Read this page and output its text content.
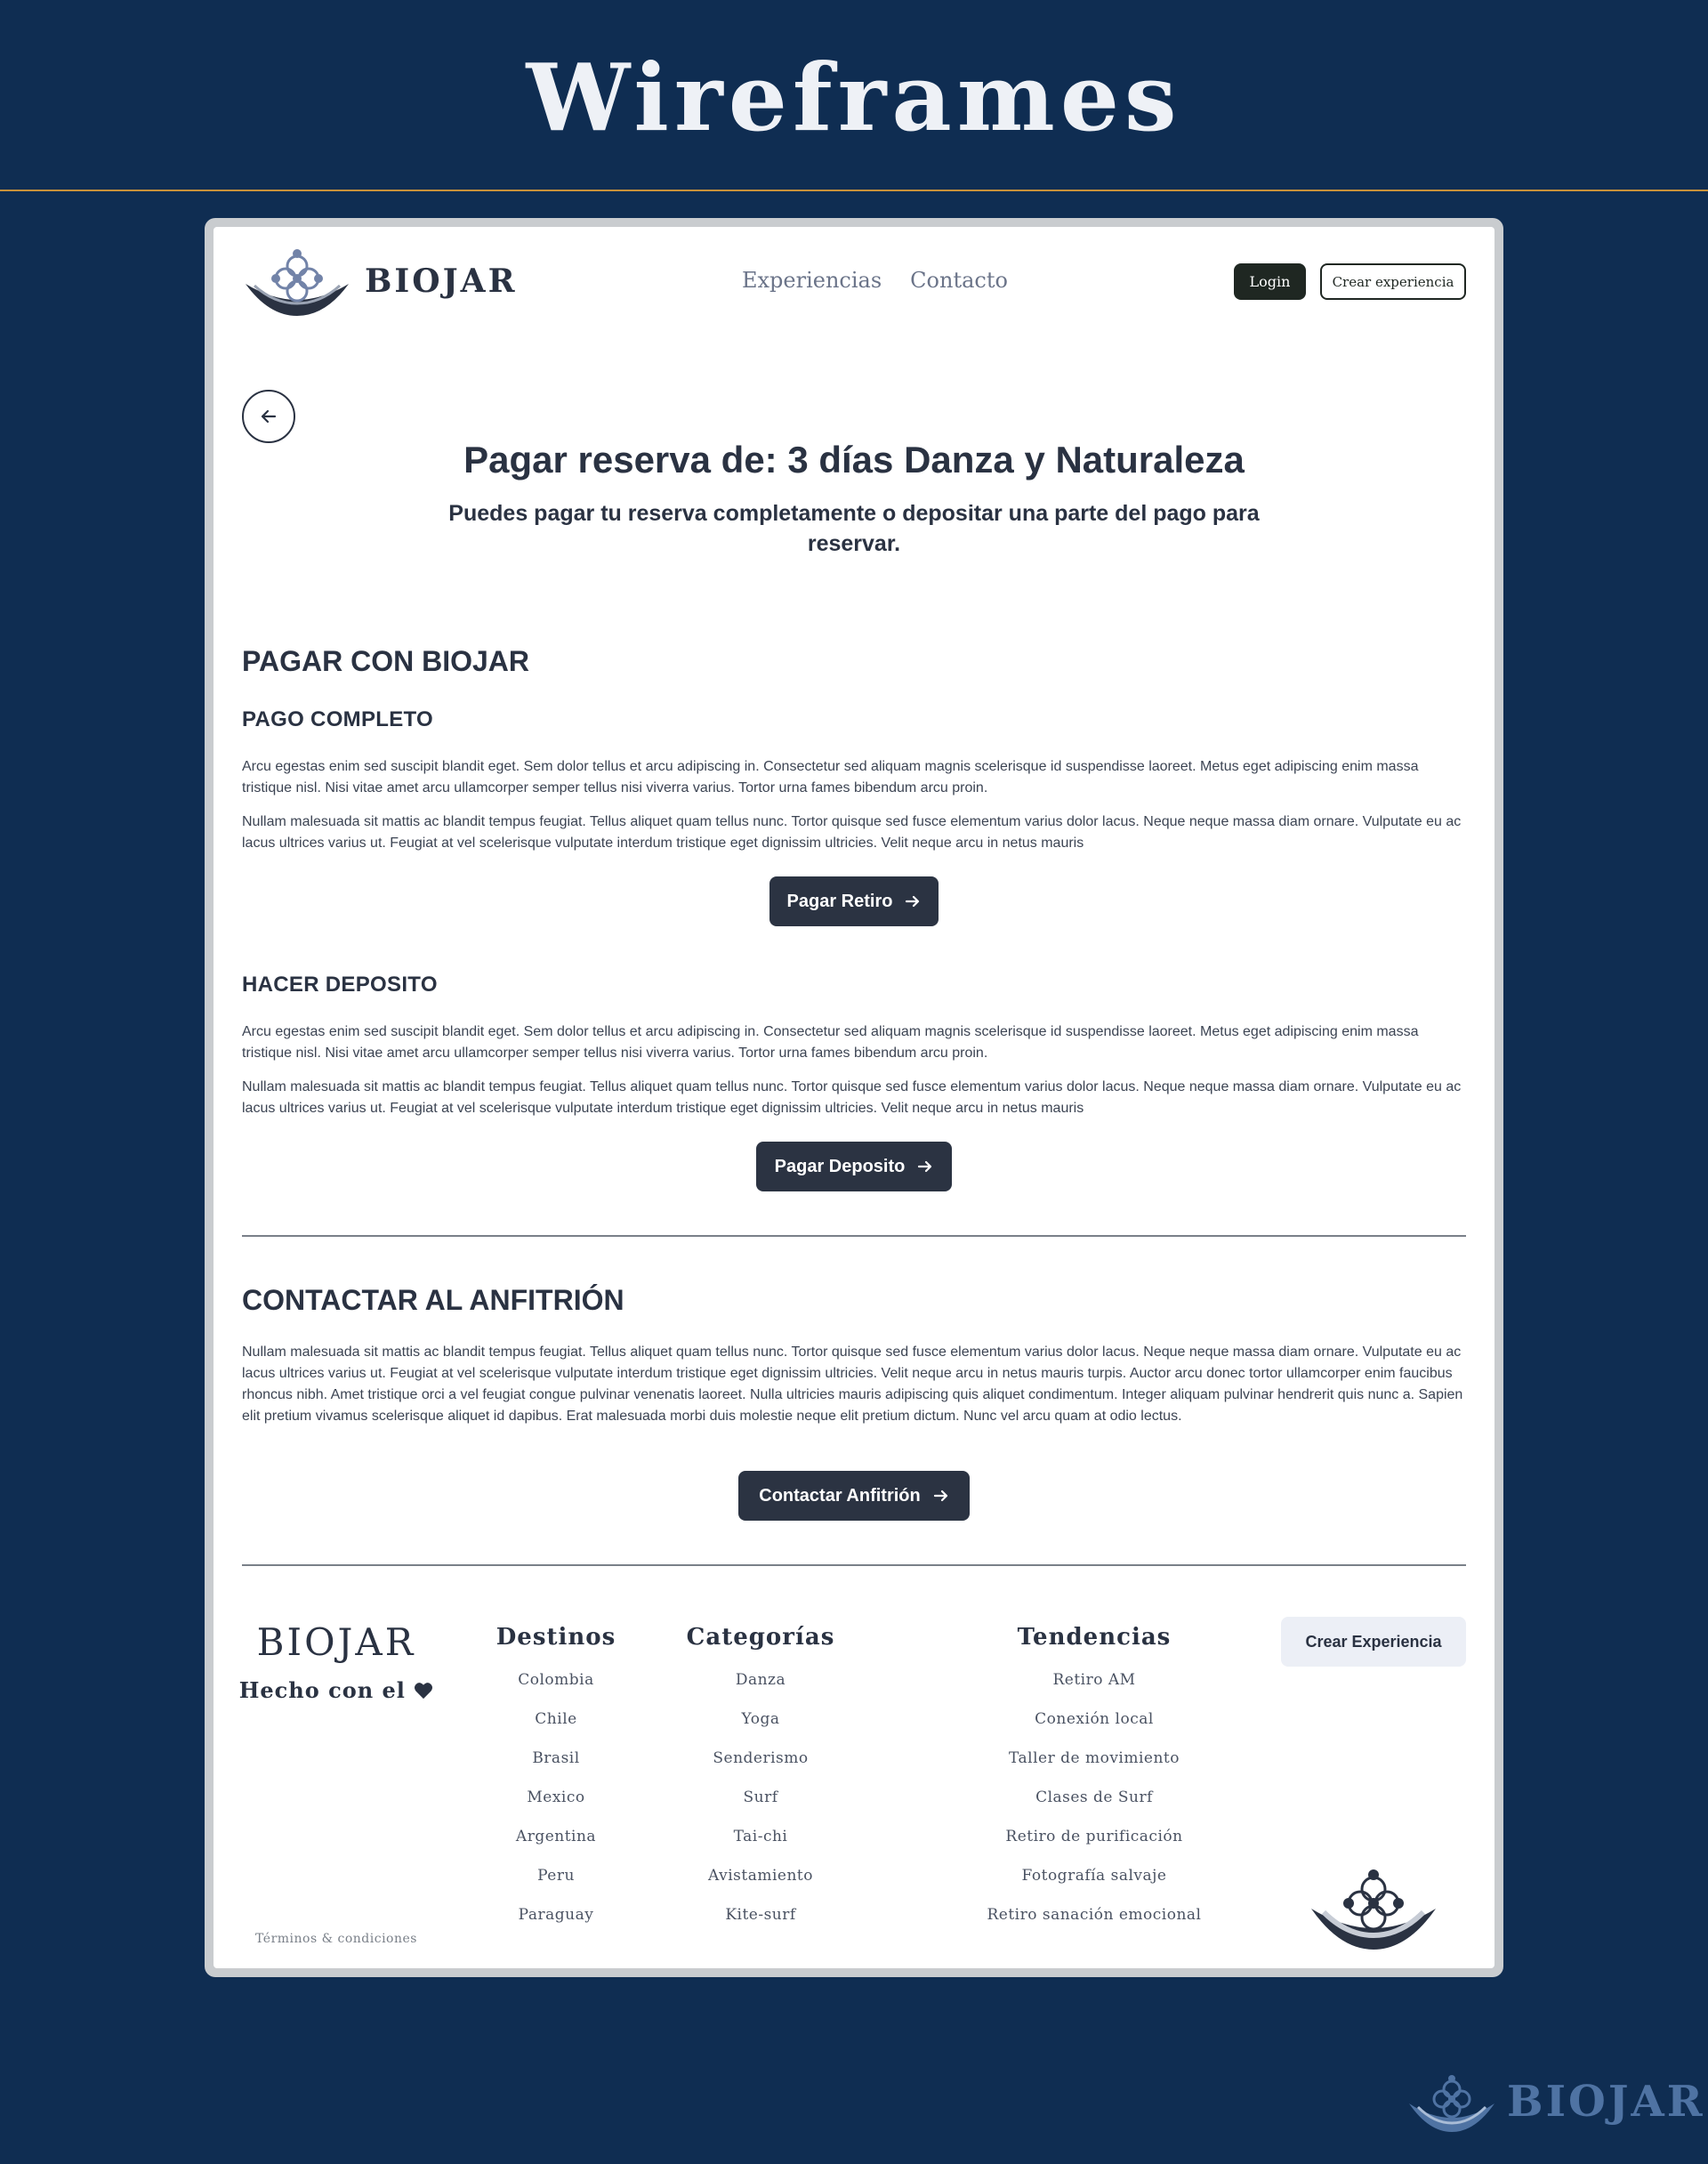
Wireframes
BIOJAR	Experiencias Contacto	Login	Crear experiencia
Pagar reserva de: 3 días Danza y Naturaleza

Puedes pagar tu reserva completamente o depositar una parte del pago para reservar.

PAGAR CON BIOJAR
PAGO COMPLETO

Arcu egestas enim sed suscipit blandit eget. Sem dolor tellus et arcu adipiscing in. Consectetur sed aliquam magnis scelerisque id suspendisse laoreet. Metus eget adipiscing enim massa tristique nisl. Nisi vitae amet arcu ullamcorper semper tellus nisi viverra varius. Tortor urna fames bibendum arcu proin.

Nullam malesuada sit mattis ac blandit tempus feugiat. Tellus aliquet quam tellus nunc. Tortor quisque sed fusce elementum varius dolor lacus. Neque neque massa diam ornare. Vulputate eu ac lacus ultrices varius ut. Feugiat at vel scelerisque vulputate interdum tristique eget dignissim ultricies. Velit neque arcu in netus mauris

Pagar Retiro
HACER DEPOSITO

Arcu egestas enim sed suscipit blandit eget. Sem dolor tellus et arcu adipiscing in. Consectetur sed aliquam magnis scelerisque id suspendisse laoreet. Metus eget adipiscing enim massa tristique nisl. Nisi vitae amet arcu ullamcorper semper tellus nisi viverra varius. Tortor urna fames bibendum arcu proin.

Nullam malesuada sit mattis ac blandit tempus feugiat. Tellus aliquet quam tellus nunc. Tortor quisque sed fusce elementum varius dolor lacus. Neque neque massa diam ornare. Vulputate eu ac lacus ultrices varius ut. Feugiat at vel scelerisque vulputate interdum tristique eget dignissim ultricies. Velit neque arcu in netus mauris

Pagar Deposito
CONTACTAR AL ANFITRIÓN

Nullam malesuada sit mattis ac blandit tempus feugiat. Tellus aliquet quam tellus nunc. Tortor quisque sed fusce elementum varius dolor lacus. Neque neque massa diam ornare. Vulputate eu ac lacus ultrices varius ut. Feugiat at vel scelerisque vulputate interdum tristique eget dignissim ultricies. Velit neque arcu in netus mauris turpis. Auctor arcu donec tortor ullamcorper enim faucibus rhoncus nibh. Amet tristique orci a vel feugiat congue pulvinar venenatis laoreet. Nulla ultricies mauris adipiscing quis aliquet condimentum. Integer aliquam pulvinar hendrerit quis nunc a. Sapien elit pretium vivamus scelerisque aliquet id dapibus. Erat malesuada morbi duis molestie neque elit pretium dictum. Nunc vel arcu quam at odio lectus.

Contactar Anfitrión
BIOJAR
Hecho con el
Destinos
Colombia
Chile
Brasil
Mexico
Argentina
Peru
Paraguay
Categorías
Danza
Yoga
Senderismo
Surf
Tai-chi
Avistamiento
Kite-surf
Tendencias
Retiro AM
Conexión local
Taller de movimiento
Clases de Surf
Retiro de purificación
Fotografía salvaje
Retiro sanación emocional
Crear Experiencia
Términos & condiciones
BIOJAR
